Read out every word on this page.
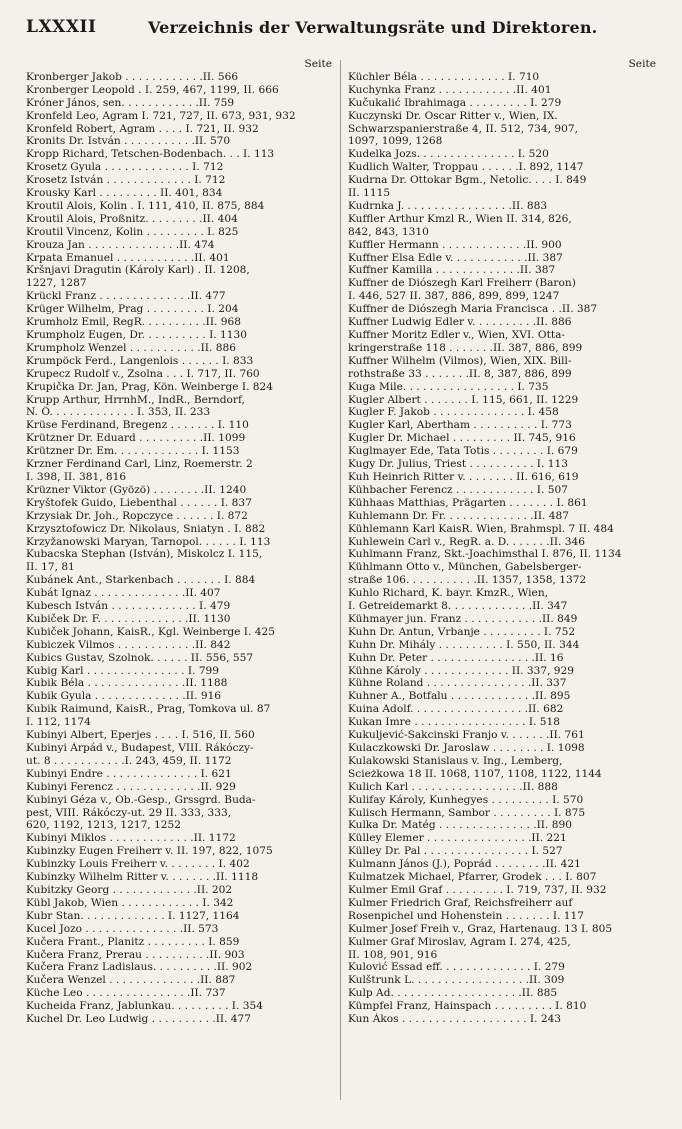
LXXXII	Verzeichnis der Verwaltungsräte und Direktoren.
Seite
Kronberger Jakob . . . . . . . . . . . .II. 566
Kronberger Leopold . I. 259, 467, 1199, II. 666
Króner János, sen. . . . . . . . . . . .II. 759
Kronfeld Leo, Agram I. 721, 727, II. 673, 931, 932
Kronfeld Robert, Agram . . . . I. 721, II. 932
Kronits Dr. István . . . . . . . . . . .II. 570
Kropp Richard, Tetschen-Bodenbach. . . I. 113
Krosetz Gyula . . . . . . . . . . . . . I. 712
Krosetz István . . . . . . . . . . . . . I. 712
Krousky Karl . . . . . . . . . II. 401, 834
Kroutil Alois, Kolin . I. 111, 410, II. 875, 884
Kroutil Alois, Proßnitz. . . . . . . . .II. 404
Kroutil Vincenz, Kolin . . . . . . . . . I. 825
Krouza Jan . . . . . . . . . . . . . .II. 474
Krpata Emanuel . . . . . . . . . . . .II. 401
Kršnjavi Dragutin (Károly Karl) . II. 1208,
1227, 1287
Krückl Franz . . . . . . . . . . . . . .II. 477
Krüger Wilhelm, Prag . . . . . . . . . I. 204
Krumholz Emil, RegR. . . . . . . . . .II. 968
Krumpholz Eugen, Dr. . . . . . . . . . I. 1130
Krumpholz Wenzel . . . . . . . . . . .II. 886
Krumpöck Ferd., Langenlois . . . . . . I. 833
Krupecz Rudolf v., Zsolna . . . I. 717, II. 760
Krupička Dr. Jan, Prag, Kön. Weinberge I. 824
Krupp Arthur, HrrnhM., IndR., Berndorf,
N. Ö. . . . . . . . . . . . . I. 353, II. 233
Krüse Ferdinand, Bregenz . . . . . . . I. 110
Krützner Dr. Eduard . . . . . . . . . .II. 1099
Krützner Dr. Em. . . . . . . . . . . . . I. 1153
Krzner Ferdinand Carl, Linz, Roemerstr. 2
I. 398, II. 381, 816
Krüzner Viktor (Gyözö) . . . . . . . .II. 1240
Kryštofek Guido, Liebenthal . . . . . . I. 837
Krzysiak Dr. Joh., Ropczyce . . . . . . I. 872
Krzysztofowicz Dr. Nikolaus, Sniatyn . I. 882
Krzyžanowski Maryan, Tarnopol. . . . . . I. 113
Kubacska Stephan (István), Miskolcz I. 115,
II. 17, 81
Kubánek Ant., Starkenbach . . . . . . . I. 884
Kubát Ignaz . . . . . . . . . . . . . .II. 407
Kubesch István . . . . . . . . . . . . . I. 479
Kubiček Dr. F. . . . . . . . . . . . . .II. 1130
Kubiček Johann, KaisR., Kgl. Weinberge I. 425
Kubiczek Vilmos . . . . . . . . . . . .II. 842
Kubics Gustav, Szolnok. . . . . . II. 556, 557
Kubig Karl . . . . . . . . . . . . . . . I. 799
Kubik Béla . . . . . . . . . . . . . . .II. 1188
Kubik Gyula . . . . . . . . . . . . . .II. 916
Kubik Raimund, KaisR., Prag, Tomkova ul. 87
I. 112, 1174
Kubinyi Albert, Eperjes . . . . I. 516, II. 560
Kubinyi Árpád v., Budapest, VIII. Rákóczy-
ut. 8 . . . . . . . . . . .I. 243, 459, II. 1172
Kubinyi Endre . . . . . . . . . . . . . . I. 621
Kubinyi Ferencz . . . . . . . . . . . . .II. 929
Kubinyi Géza v., Ob.-Gesp., Grssgrd. Buda-
pest, VIII. Rákóczy-ut. 29 II. 333, 333,
620, 1192, 1213, 1217, 1252
Kubinyi Miklos . . . . . . . . . . . . .II. 1172
Kubinzky Eugen Freiherr v. II. 197, 822, 1075
Kubinzky Louis Freiherr v. . . . . . . . I. 402
Kubinzky Wilhelm Ritter v. . . . . . . .II. 1118
Kubitzky Georg . . . . . . . . . . . . .II. 202
Kübl Jakob, Wien . . . . . . . . . . . . I. 342
Kubr Stan. . . . . . . . . . . . . I. 1127, 1164
Kucel Jozo . . . . . . . . . . . . . . .II. 573
Kučera Frant., Planitz . . . . . . . . . I. 859
Kučera Franz, Prerau . . . . . . . . . .II. 903
Kučera Franz Ladislaus. . . . . . . . . .II. 902
Kučera Wenzel . . . . . . . . . . . . . .II. 887
Küche Leo . . . . . . . . . . . . . . . .II. 737
Kucheida Franz, Jablunkau. . . . . . . . . I. 354
Kuchel Dr. Leo Ludwig . . . . . . . . . .II. 477
Seite
Küchler Béla . . . . . . . . . . . . . I. 710
Kuchynka Franz . . . . . . . . . . . .II. 401
Kučukalić Ibrahimaga . . . . . . . . . I. 279
Kuczynski Dr. Oscar Ritter v., Wien, IX.
Schwarzspanierstraße 4, II. 512, 734, 907,
1097, 1099, 1268
Kudelka Jozs. . . . . . . . . . . . . . . I. 520
Kudlich Walter, Troppau . . . . . .I. 892, 1147
Kudrna Dr. Ottokar Bgm., Netolic. . . . I. 849
II. 1115
Kudrnka J. . . . . . . . . . . . . . . . .II. 883
Kuffler Arthur Kmzl R., Wien II. 314, 826,
842, 843, 1310
Kuffler Hermann . . . . . . . . . . . . .II. 900
Kuffner Elsa Edle v. . . . . . . . . . . .II. 387
Kuffner Kamilla . . . . . . . . . . . . .II. 387
Kuffner de Diószegh Karl Freiherr (Baron)
I. 446, 527 II. 387, 886, 899, 899, 1247
Kuffner de Diószegh Maria Francisca . .II. 387
Kuffner Ludwig Edler v. . . . . . . . . .II. 886
Kuffner Moritz Edler v., Wien, XVI. Otta-
kringerstraße 118 . . . . . . .II. 387, 886, 899
Kuffner Wilhelm (Vilmos), Wien, XIX. Bill-
rothstraße 33 . . . . . . .II. 8, 387, 886, 899
Kuga Mile. . . . . . . . . . . . . . . . . I. 735
Kugler Albert . . . . . . . I. 115, 661, II. 1229
Kugler F. Jakob . . . . . . . . . . . . . . I. 458
Kugler Karl, Abertham . . . . . . . . . . I. 773
Kugler Dr. Michael . . . . . . . . . II. 745, 916
Kuglmayer Ede, Tata Totis . . . . . . . . I. 679
Kugy Dr. Julius, Triest . . . . . . . . . . I. 113
Kuh Heinrich Ritter v. . . . . . . . II. 616, 619
Kühbacher Ferencz . . . . . . . . . . . . I. 507
Kühhaas Matthias, Prägarten . . . . . . . I. 861
Kuhlemann Dr. Fr. . . . . . . . . . . . . .II. 487
Kühlemann Karl KaisR. Wien, Brahmspl. 7 II. 484
Kuhlewein Carl v., RegR. a. D. . . . . . .II. 346
Kuhlmann Franz, Skt.-Joachimsthal I. 876, II. 1134
Kühlmann Otto v., München, Gabelsberger-
straße 106. . . . . . . . . . .II. 1357, 1358, 1372
Kuhlo Richard, K. bayr. KmzR., Wien,
I. Getreidemarkt 8. . . . . . . . . . . . .II. 347
Kühmayer jun. Franz . . . . . . . . . . . .II. 849
Kuhn Dr. Antun, Vrbanje . . . . . . . . . I. 752
Kuhn Dr. Mihály . . . . . . . . . . I. 550, II. 344
Kuhn Dr. Peter . . . . . . . . . . . . . . . .II. 16
Kühne Károly . . . . . . . . . . . . . II. 337, 929
Kühne Roland . . . . . . . . . . . . . . . .II. 337
Kuhner A., Botfalu . . . . . . . . . . . . .II. 895
Kuina Adolf. . . . . . . . . . . . . . . . . .II. 682
Kukan Imre . . . . . . . . . . . . . . . . . I. 518
Kukuljević-Sakcinski Franjo v. . . . . . .II. 761
Kulaczkowski Dr. Jaroslaw . . . . . . . . I. 1098
Kulakowski Stanislaus v. Ing., Lemberg,
Scieżkowa 18 II. 1068, 1107, 1108, 1122, 1144
Kulich Karl . . . . . . . . . . . . . . . . .II. 888
Kulifay Károly, Kunhegyes . . . . . . . . . I. 570
Kulisch Hermann, Sambor . . . . . . . . . I. 875
Kulka Dr. Matég . . . . . . . . . . . . . . .II. 890
Külley Elemer . . . . . . . . . . . . . . . .II. 221
Külley Dr. Pal . . . . . . . . . . . . . . . . I. 527
Kulmann János (J.), Poprád . . . . . . . .II. 421
Kulmatzek Michael, Pfarrer, Grodek . . . I. 807
Kulmer Emil Graf . . . . . . . . . I. 719, 737, II. 932
Kulmer Friedrich Graf, Reichsfreiherr auf
Rosenpichel und Hohenstein . . . . . . . I. 117
Kulmer Josef Freih v., Graz, Hartenaug. 13 I. 805
Kulmer Graf Miroslav, Agram I. 274, 425,
II. 108, 901, 916
Kulović Essad eff. . . . . . . . . . . . . . I. 279
Kulštrunk L. . . . . . . . . . . . . . . . . .II. 309
Kulp Ad. . . . . . . . . . . . . . . . . . . .II. 885
Kümpfel Franz, Hainspach . . . . . . . . . I. 810
Kun Ákos . . . . . . . . . . . . . . . . . . . I. 243
